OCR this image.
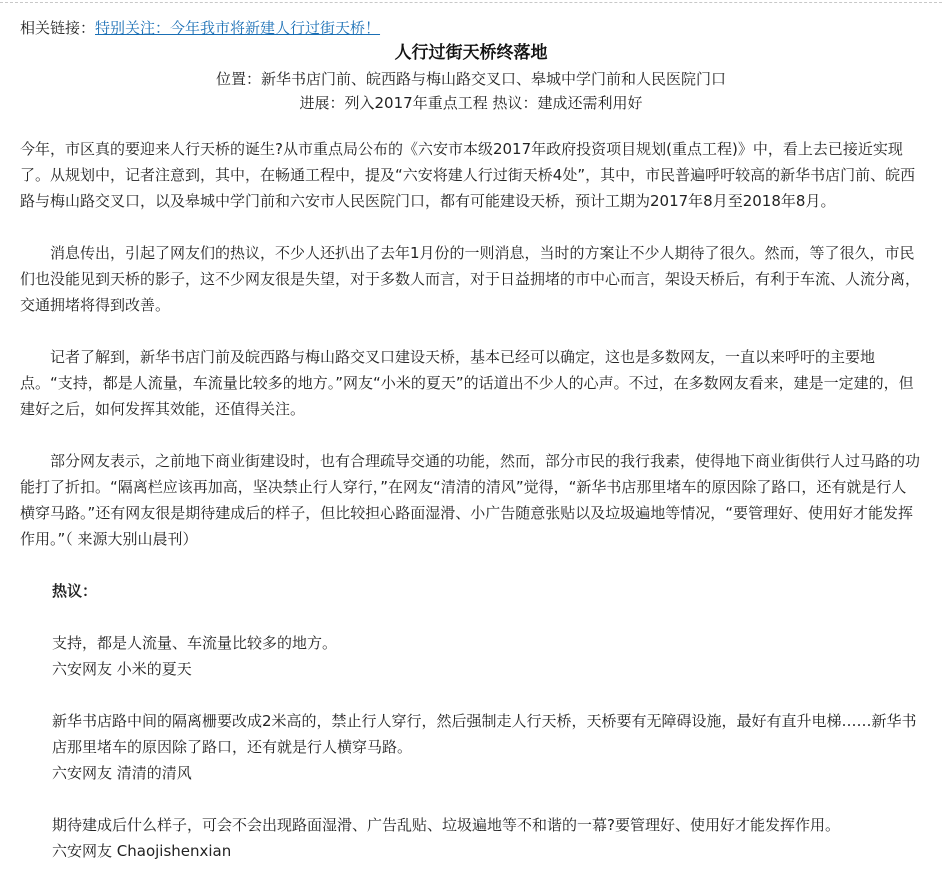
相关链接：特别关注：今年我市将新建人行过街天桥！
人行过街天桥终落地
位置：新华书店门前、皖西路与梅山路交叉口、皋城中学门前和人民医院门口
进展：列入2017年重点工程 热议：建成还需利用好

今年，市区真的要迎来人行天桥的诞生?从市重点局公布的《六安市本级2017年政府投资项目规划(重点工程)》中，看上去已接近实现了。从规划中，记者注意到，其中，在畅通工程中，提及“六安将建人行过街天桥4处”，其中，市民普遍呼吁较高的新华书店门前、皖西路与梅山路交叉口，以及皋城中学门前和六安市人民医院门口，都有可能建设天桥，预计工期为2017年8月至2018年8月。

消息传出，引起了网友们的热议，不少人还扒出了去年1月份的一则消息，当时的方案让不少人期待了很久。然而，等了很久，市民们也没能见到天桥的影子，这不少网友很是失望，对于多数人而言，对于日益拥堵的市中心而言，架设天桥后，有利于车流、人流分离，交通拥堵将得到改善。

记者了解到，新华书店门前及皖西路与梅山路交叉口建设天桥，基本已经可以确定，这也是多数网友，一直以来呼吁的主要地点。“支持，都是人流量，车流量比较多的地方。”网友“小米的夏天”的话道出不少人的心声。不过，在多数网友看来，建是一定建的，但建好之后，如何发挥其效能，还值得关注。

部分网友表示，之前地下商业街建设时，也有合理疏导交通的功能，然而，部分市民的我行我素，使得地下商业街供行人过马路的功能打了折扣。“隔离栏应该再加高，坚决禁止行人穿行，”在网友“清清的清风”觉得，“新华书店那里堵车的原因除了路口，还有就是行人横穿马路。”还有网友很是期待建成后的样子，但比较担心路面湿滑、小广告随意张贴以及垃圾遍地等情况，“要管理好、使用好才能发挥作用。”（ 来源大别山晨刊）

热议：
支持，都是人流量、车流量比较多的地方。
六安网友 小米的夏天
新华书店路中间的隔离栅要改成2米高的，禁止行人穿行，然后强制走人行天桥，天桥要有无障碍设施，最好有直升电梯……新华书店那里堵车的原因除了路口，还有就是行人横穿马路。
六安网友 清清的清风
期待建成后什么样子，可会不会出现路面湿滑、广告乱贴、垃圾遍地等不和谐的一幕?要管理好、使用好才能发挥作用。
六安网友 Chaojishenxian
